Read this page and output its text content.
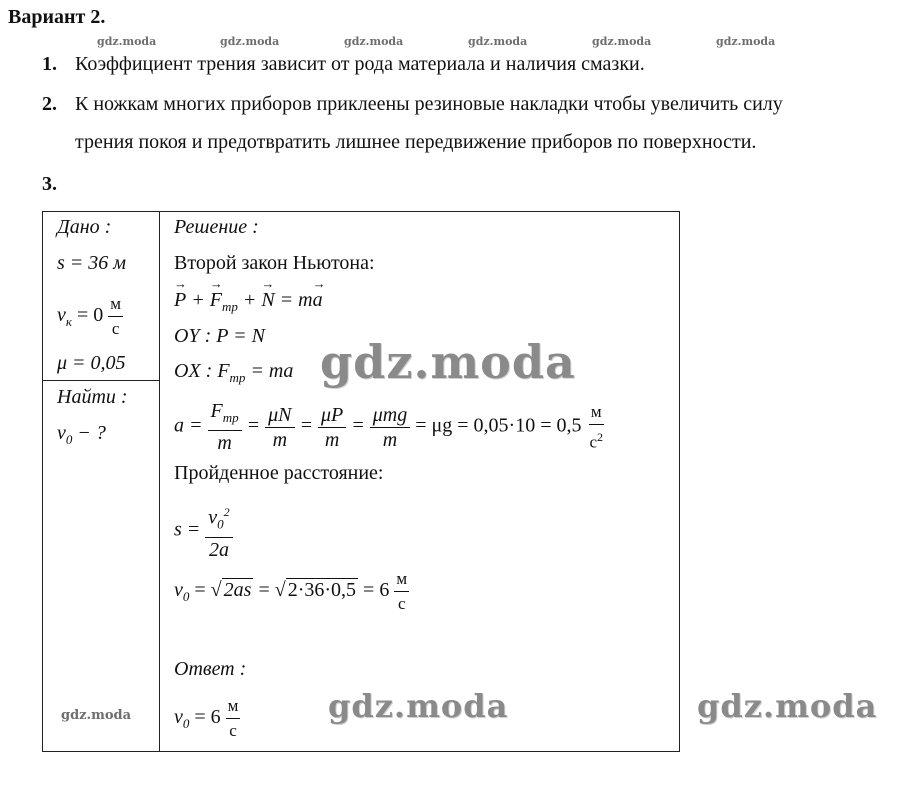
Вариант 2.
gdz.moda	gdz.moda	gdz.moda	gdz.moda	gdz.moda	gdz.moda
1. Коэффициент трения зависит от рода материала и наличия смазки.
2. К ножкам многих приборов приклеены резиновые накладки чтобы увеличить силу
трения покоя и предотвратить лишнее передвижение приборов по поверхности.
3.
Дано :
s = 36 м
$v_к = 0 \frac{м}{с}$
μ = 0,05
Найти :
$v_0$ − ?
gdz.moda
Решение :
Второй закон Ньютона:
→ P + → $F_{тр}$ + → N = m→ a
OY : P = N
OX : $F_{тр}$ = ma
$a = \frac{F_{тр}}{m} = \frac{\mu N}{m} = \frac{\mu P}{m} = \frac{\text{μmg}}{m} = \mu g = 0,05\cdot 10 = 0,5 \frac{м}{с^2}$
Пройденное расстояние:
$s = \frac{v_0^2}{2a}$
$v_0$ = √ 2as = √ $2\cdot 36\cdot 0,5 = 6 \frac{м}{с}$
Ответ :
$v_0 = 6 \frac{м}{с}$
gdz.moda
gdz.moda	gdz.moda
